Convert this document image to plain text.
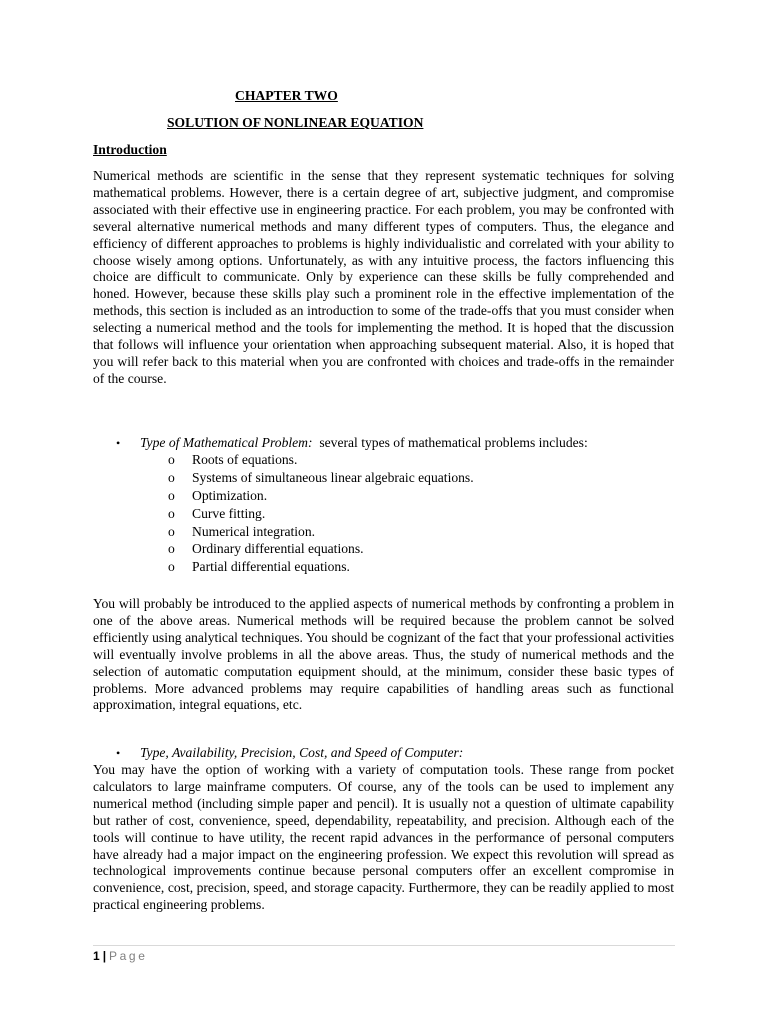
CHAPTER TWO
SOLUTION OF NONLINEAR EQUATION
Introduction

Numerical methods are scientific in the sense that they represent systematic techniques for solving mathematical problems. However, there is a certain degree of art, subjective judgment, and compromise associated with their effective use in engineering practice. For each problem, you may be confronted with several alternative numerical methods and many different types of computers. Thus, the elegance and efficiency of different approaches to problems is highly individualistic and correlated with your ability to choose wisely among options. Unfortunately, as with any intuitive process, the factors influencing this choice are difficult to communicate. Only by experience can these skills be fully comprehended and honed. However, because these skills play such a prominent role in the effective implementation of the methods, this section is included as an introduction to some of the trade-offs that you must consider when selecting a numerical method and the tools for implementing the method. It is hoped that the discussion that follows will influence your orientation when approaching subsequent material. Also, it is hoped that you will refer back to this material when you are confronted with choices and trade-offs in the remainder of the course.

• Type of Mathematical Problem: several types of mathematical problems includes:
o Roots of equations.
o Systems of simultaneous linear algebraic equations.
o Optimization.
o Curve fitting.
o Numerical integration.
o Ordinary differential equations.
o Partial differential equations.

You will probably be introduced to the applied aspects of numerical methods by confronting a problem in one of the above areas. Numerical methods will be required because the problem cannot be solved efficiently using analytical techniques. You should be cognizant of the fact that your professional activities will eventually involve problems in all the above areas. Thus, the study of numerical methods and the selection of automatic computation equipment should, at the minimum, consider these basic types of problems. More advanced problems may require capabilities of handling areas such as functional approximation, integral equations, etc.

• Type, Availability, Precision, Cost, and Speed of Computer:

You may have the option of working with a variety of computation tools. These range from pocket calculators to large mainframe computers. Of course, any of the tools can be used to implement any numerical method (including simple paper and pencil). It is usually not a question of ultimate capability but rather of cost, convenience, speed, dependability, repeatability, and precision. Although each of the tools will continue to have utility, the recent rapid advances in the performance of personal computers have already had a major impact on the engineering profession. We expect this revolution will spread as technological improvements continue because personal computers offer an excellent compromise in convenience, cost, precision, speed, and storage capacity. Furthermore, they can be readily applied to most practical engineering problems.

1 | Page
